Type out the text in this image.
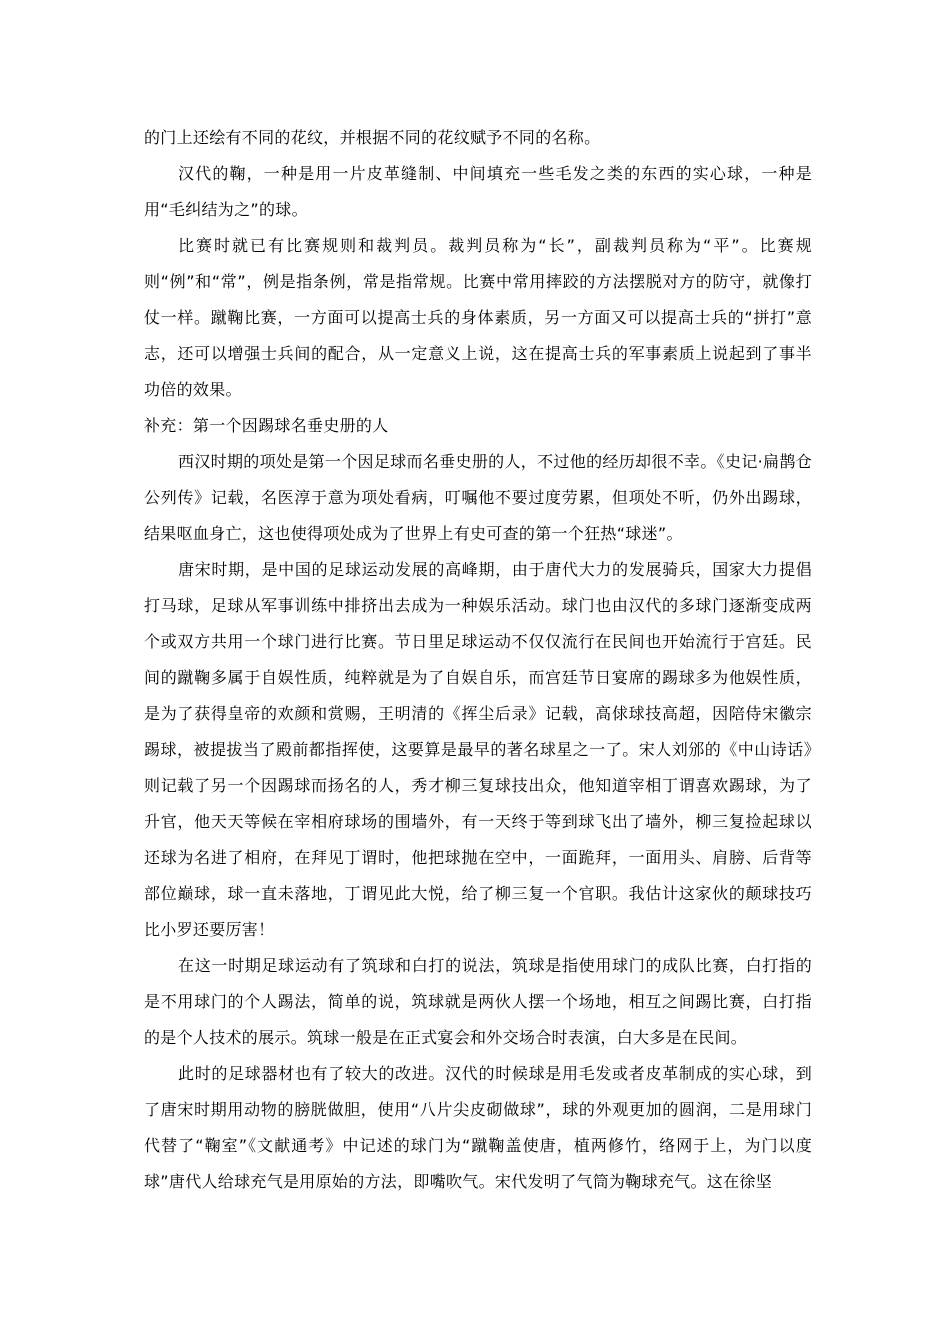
的门上还绘有不同的花纹，并根据不同的花纹赋予不同的名称。

汉代的鞠，一种是用一片皮革缝制、中间填充一些毛发之类的东西的实心球，一种是用“毛纠结为之”的球。

比赛时就已有比赛规则和裁判员。裁判员称为“长”，副裁判员称为“平”。比赛规则“例”和“常”，例是指条例，常是指常规。比赛中常用摔跤的方法摆脱对方的防守，就像打仗一样。蹴鞠比赛，一方面可以提高士兵的身体素质，另一方面又可以提高士兵的“拼打”意志，还可以增强士兵间的配合，从一定意义上说，这在提高士兵的军事素质上说起到了事半功倍的效果。

补充：第一个因踢球名垂史册的人

西汉时期的项处是第一个因足球而名垂史册的人，不过他的经历却很不幸。《史记·扁鹊仓公列传》记载，名医淳于意为项处看病，叮嘱他不要过度劳累，但项处不听，仍外出踢球，结果呕血身亡，这也使得项处成为了世界上有史可查的第一个狂热“球迷”。

唐宋时期，是中国的足球运动发展的高峰期，由于唐代大力的发展骑兵，国家大力提倡打马球，足球从军事训练中排挤出去成为一种娱乐活动。球门也由汉代的多球门逐渐变成两个或双方共用一个球门进行比赛。节日里足球运动不仅仅流行在民间也开始流行于宫廷。民间的蹴鞠多属于自娱性质，纯粹就是为了自娱自乐，而宫廷节日宴席的踢球多为他娱性质，是为了获得皇帝的欢颜和赏赐，王明清的《挥尘后录》记载，高俅球技高超，因陪侍宋徽宗踢球，被提拔当了殿前都指挥使，这要算是最早的著名球星之一了。宋人刘邠的《中山诗话》则记载了另一个因踢球而扬名的人，秀才柳三复球技出众，他知道宰相丁谓喜欢踢球，为了升官，他天天等候在宰相府球场的围墙外，有一天终于等到球飞出了墙外，柳三复捡起球以还球为名进了相府，在拜见丁谓时，他把球抛在空中，一面跪拜，一面用头、肩膀、后背等部位巅球，球一直未落地，丁谓见此大悦，给了柳三复一个官职。我估计这家伙的颠球技巧比小罗还要厉害！

在这一时期足球运动有了筑球和白打的说法，筑球是指使用球门的成队比赛，白打指的是不用球门的个人踢法，简单的说，筑球就是两伙人摆一个场地，相互之间踢比赛，白打指的是个人技术的展示。筑球一般是在正式宴会和外交场合时表演，白大多是在民间。

此时的足球器材也有了较大的改进。汉代的时候球是用毛发或者皮革制成的实心球，到了唐宋时期用动物的膀胱做胆，使用“八片尖皮砌做球”，球的外观更加的圆润，二是用球门代替了“鞠室”《文献通考》中记述的球门为“蹴鞠盖使唐，植两修竹，络网于上，为门以度球”唐代人给球充气是用原始的方法，即嘴吹气。宋代发明了气筒为鞠球充气。这在徐坚
